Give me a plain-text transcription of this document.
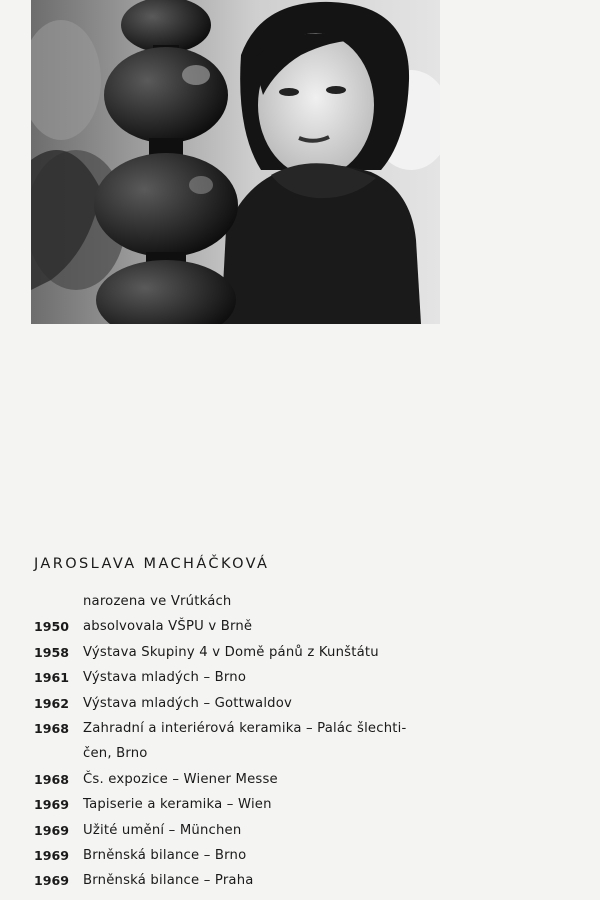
JAROSLAVA MACHÁČKOVÁ
narozena ve Vrútkách
1950 absolvovala VŠPU v Brně
1958 Výstava Skupiny 4 v Domě pánů z Kunštátu
1961 Výstava mladých – Brno
1962 Výstava mladých – Gottwaldov
1968 Zahradní a interiérová keramika – Palác šlechti-
čen, Brno
1968 Čs. expozice – Wiener Messe
1969 Tapiserie a keramika – Wien
1969 Užité umění – München
1969 Brněnská bilance – Brno
1969 Brněnská bilance – Praha
